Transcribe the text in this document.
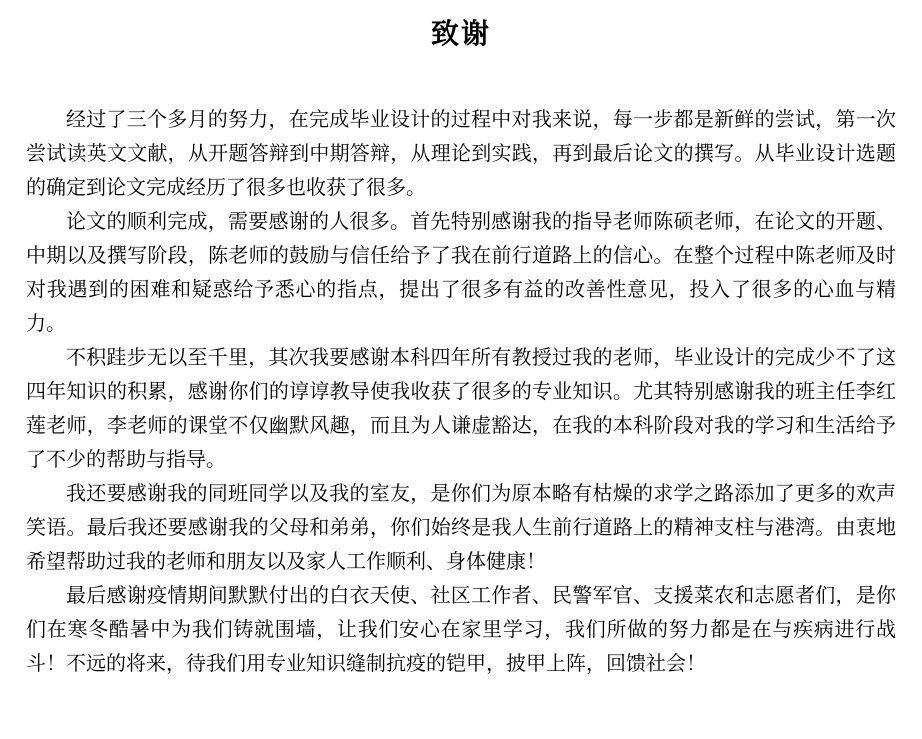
致谢

经过了三个多月的努力，在完成毕业设计的过程中对我来说，每一步都是新鲜的尝试，第一次尝试读英文文献，从开题答辩到中期答辩，从理论到实践，再到最后论文的撰写。从毕业设计选题的确定到论文完成经历了很多也收获了很多。

论文的顺利完成，需要感谢的人很多。首先特别感谢我的指导老师陈硕老师，在论文的开题、中期以及撰写阶段，陈老师的鼓励与信任给予了我在前行道路上的信心。在整个过程中陈老师及时对我遇到的困难和疑惑给予悉心的指点，提出了很多有益的改善性意见，投入了很多的心血与精力。

不积跬步无以至千里，其次我要感谢本科四年所有教授过我的老师，毕业设计的完成少不了这四年知识的积累，感谢你们的谆谆教导使我收获了很多的专业知识。尤其特别感谢我的班主任李红莲老师，李老师的课堂不仅幽默风趣，而且为人谦虚豁达，在我的本科阶段对我的学习和生活给予了不少的帮助与指导。

我还要感谢我的同班同学以及我的室友，是你们为原本略有枯燥的求学之路添加了更多的欢声笑语。最后我还要感谢我的父母和弟弟，你们始终是我人生前行道路上的精神支柱与港湾。由衷地希望帮助过我的老师和朋友以及家人工作顺利、身体健康！

最后感谢疫情期间默默付出的白衣天使、社区工作者、民警军官、支援菜农和志愿者们，是你们在寒冬酷暑中为我们铸就围墙，让我们安心在家里学习，我们所做的努力都是在与疾病进行战斗！不远的将来，待我们用专业知识缝制抗疫的铠甲，披甲上阵，回馈社会！
